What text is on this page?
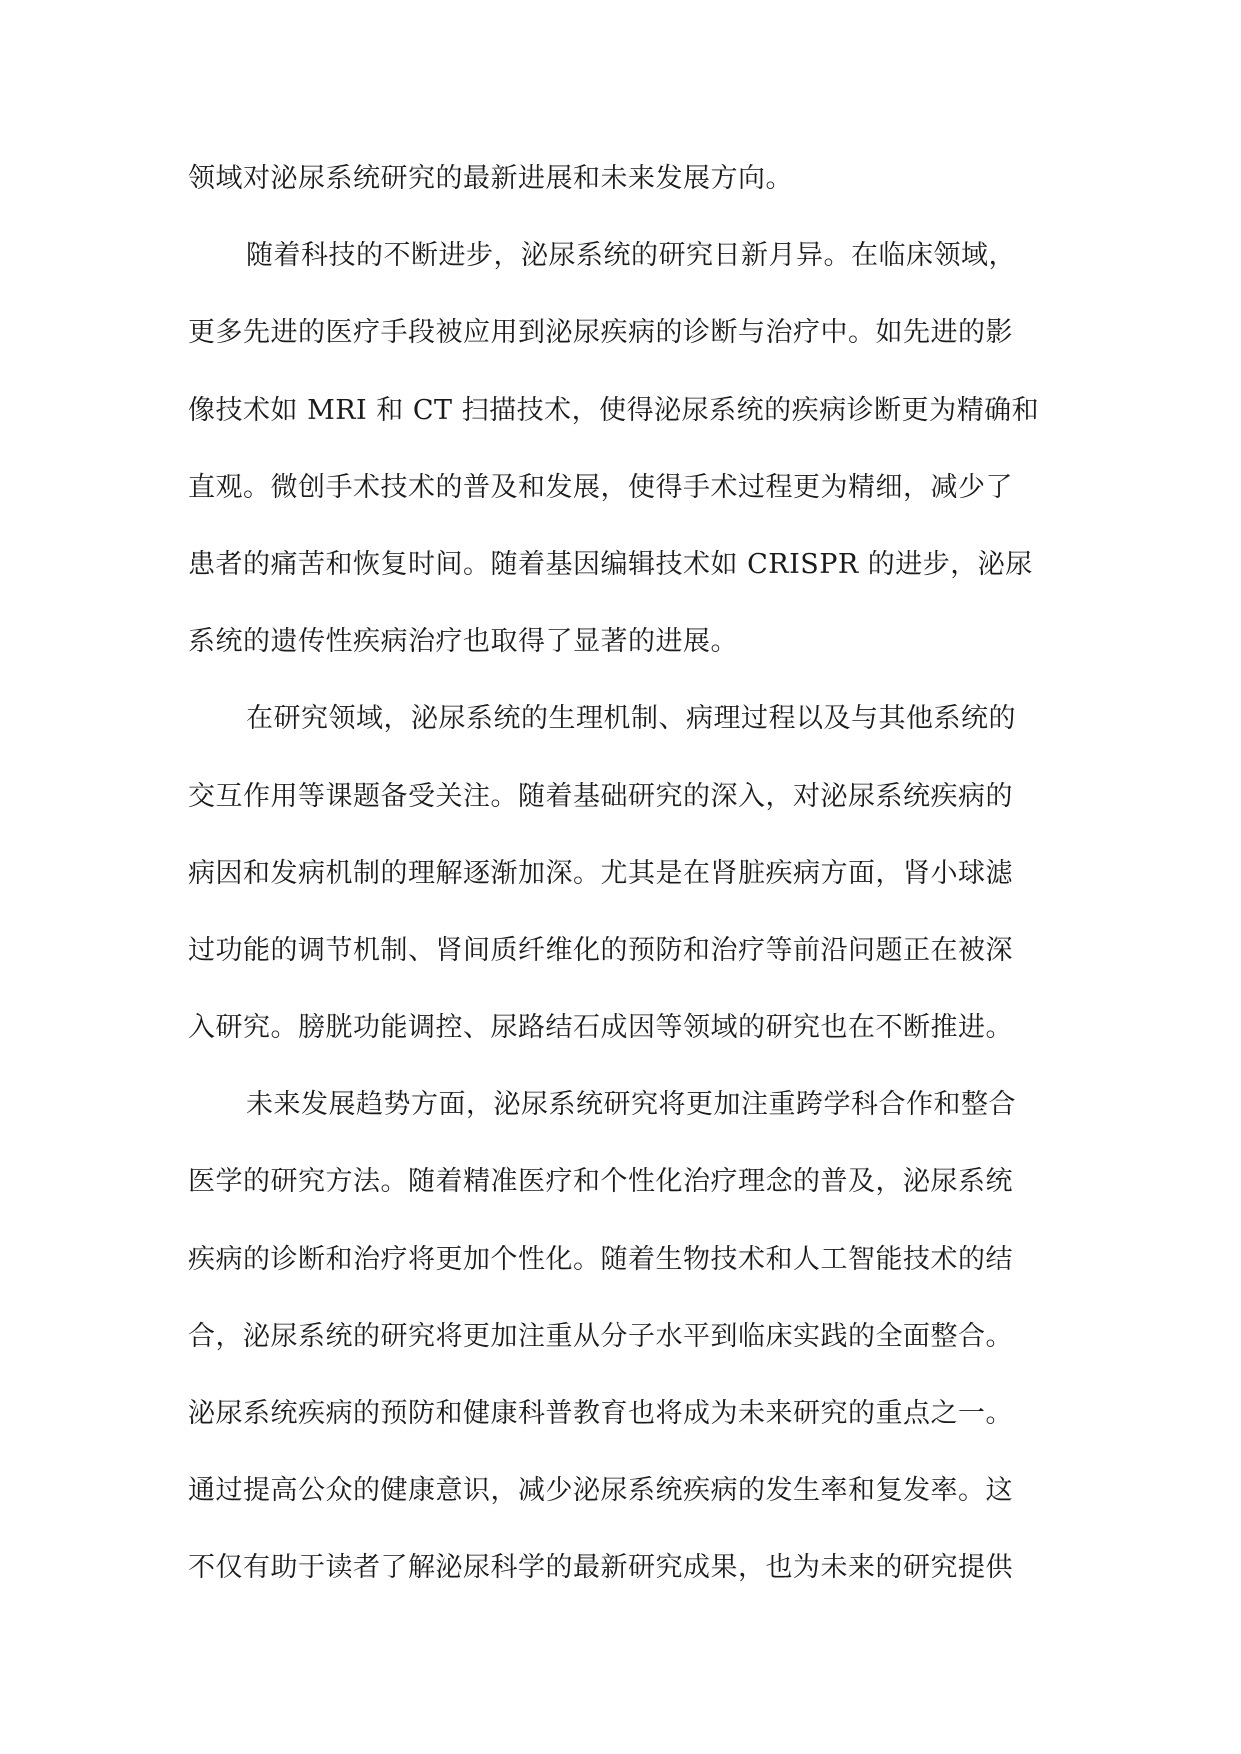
领域对泌尿系统研究的最新进展和未来发展方向。
随着科技的不断进步，泌尿系统的研究日新月异。在临床领域，
更多先进的医疗手段被应用到泌尿疾病的诊断与治疗中。如先进的影
像技术如 MRI 和 CT 扫描技术，使得泌尿系统的疾病诊断更为精确和
直观。微创手术技术的普及和发展，使得手术过程更为精细，减少了
患者的痛苦和恢复时间。随着基因编辑技术如 CRISPR 的进步，泌尿
系统的遗传性疾病治疗也取得了显著的进展。
在研究领域，泌尿系统的生理机制、病理过程以及与其他系统的
交互作用等课题备受关注。随着基础研究的深入，对泌尿系统疾病的
病因和发病机制的理解逐渐加深。尤其是在肾脏疾病方面，肾小球滤
过功能的调节机制、肾间质纤维化的预防和治疗等前沿问题正在被深
入研究。膀胱功能调控、尿路结石成因等领域的研究也在不断推进。
未来发展趋势方面，泌尿系统研究将更加注重跨学科合作和整合
医学的研究方法。随着精准医疗和个性化治疗理念的普及，泌尿系统
疾病的诊断和治疗将更加个性化。随着生物技术和人工智能技术的结
合，泌尿系统的研究将更加注重从分子水平到临床实践的全面整合。
泌尿系统疾病的预防和健康科普教育也将成为未来研究的重点之一。
通过提高公众的健康意识，减少泌尿系统疾病的发生率和复发率。这
不仅有助于读者了解泌尿科学的最新研究成果，也为未来的研究提供
